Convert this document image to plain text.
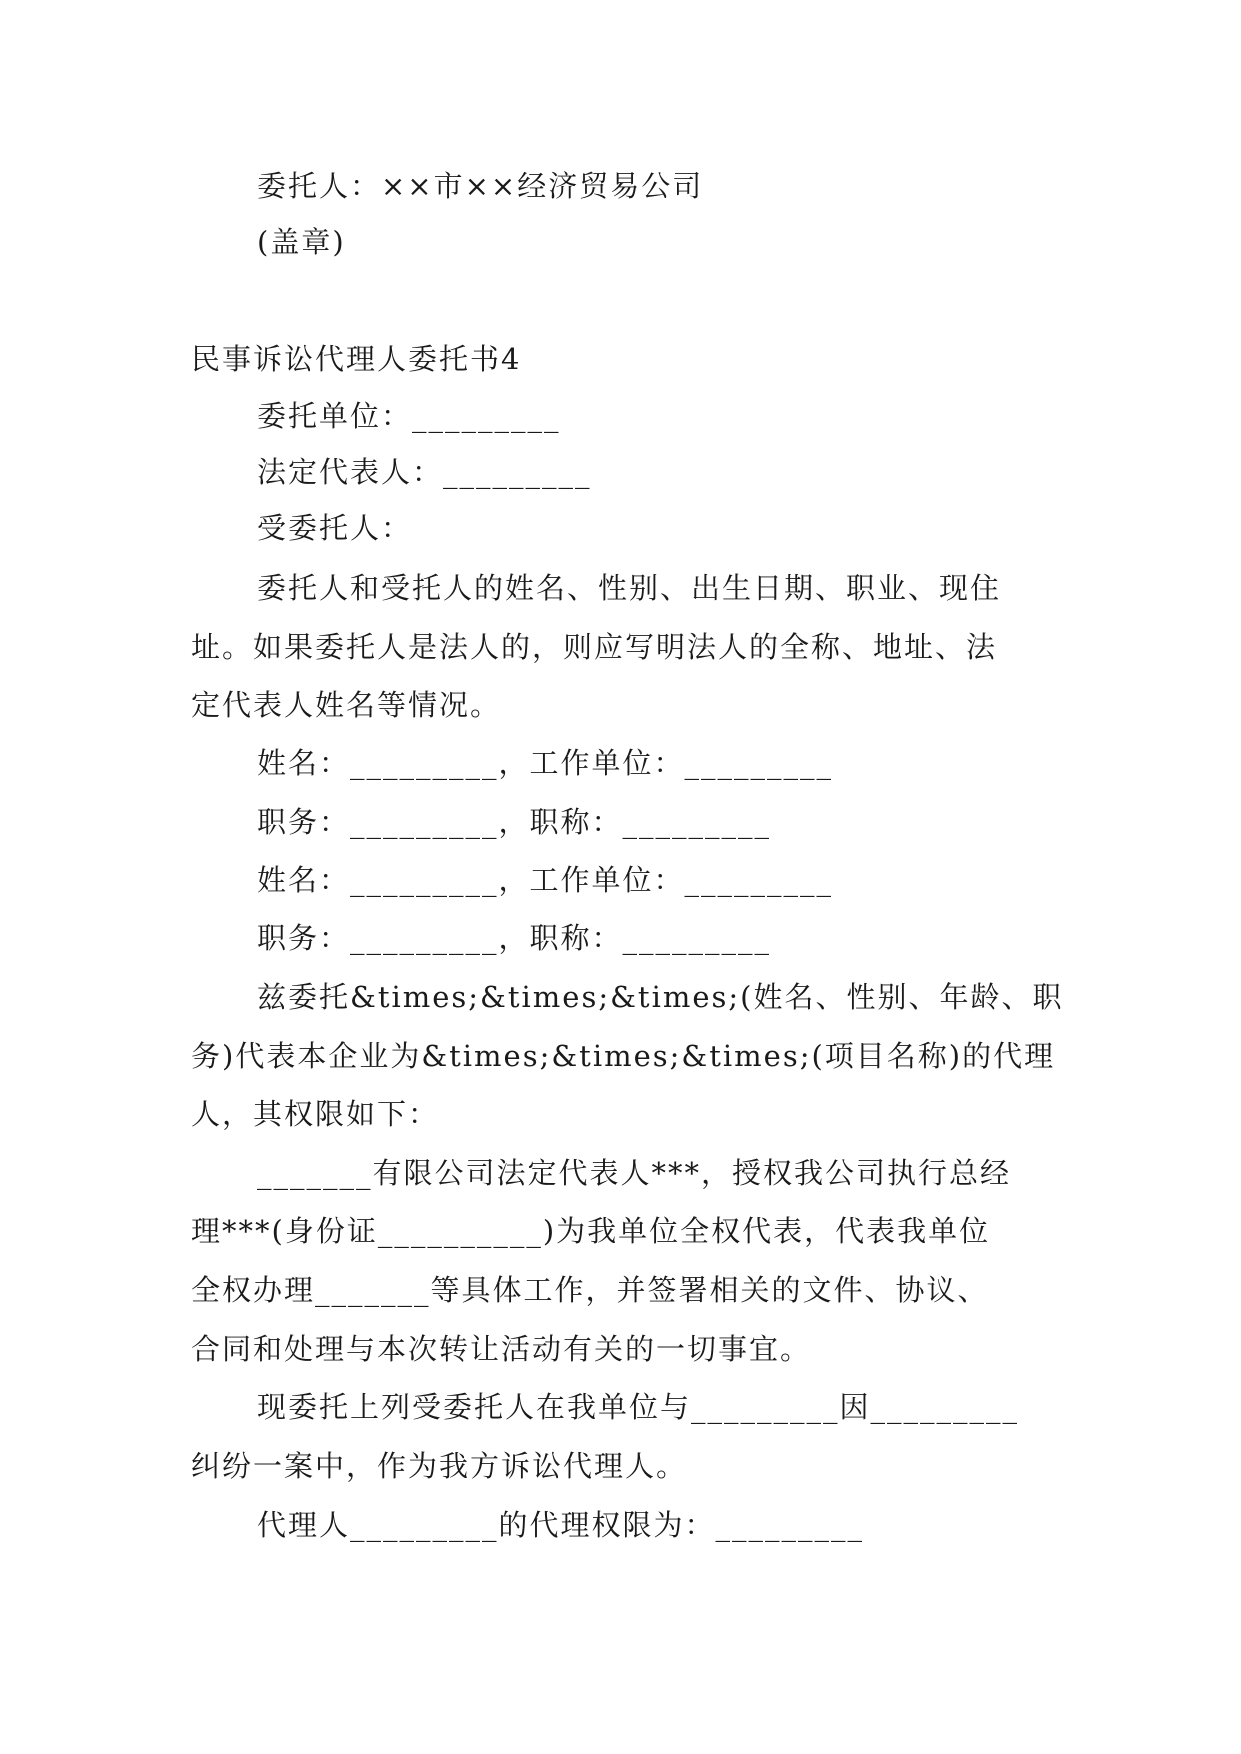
委托人：××市××经济贸易公司
(盖章)
民事诉讼代理人委托书4
委托单位：_________
法定代表人：_________
受委托人：
委托人和受托人的姓名、性别、出生日期、职业、现住
址。如果委托人是法人的，则应写明法人的全称、地址、法
定代表人姓名等情况。
姓名：_________，工作单位：_________
职务：_________，职称：_________
姓名：_________，工作单位：_________
职务：_________，职称：_________
兹委托&times;&times;&times;(姓名、性别、年龄、职
务)代表本企业为&times;&times;&times;(项目名称)的代理
人，其权限如下：
_______有限公司法定代表人***，授权我公司执行总经
理***(身份证__________)为我单位全权代表，代表我单位
全权办理_______等具体工作，并签署相关的文件、协议、
合同和处理与本次转让活动有关的一切事宜。
现委托上列受委托人在我单位与_________因_________
纠纷一案中，作为我方诉讼代理人。
代理人_________的代理权限为：_________
